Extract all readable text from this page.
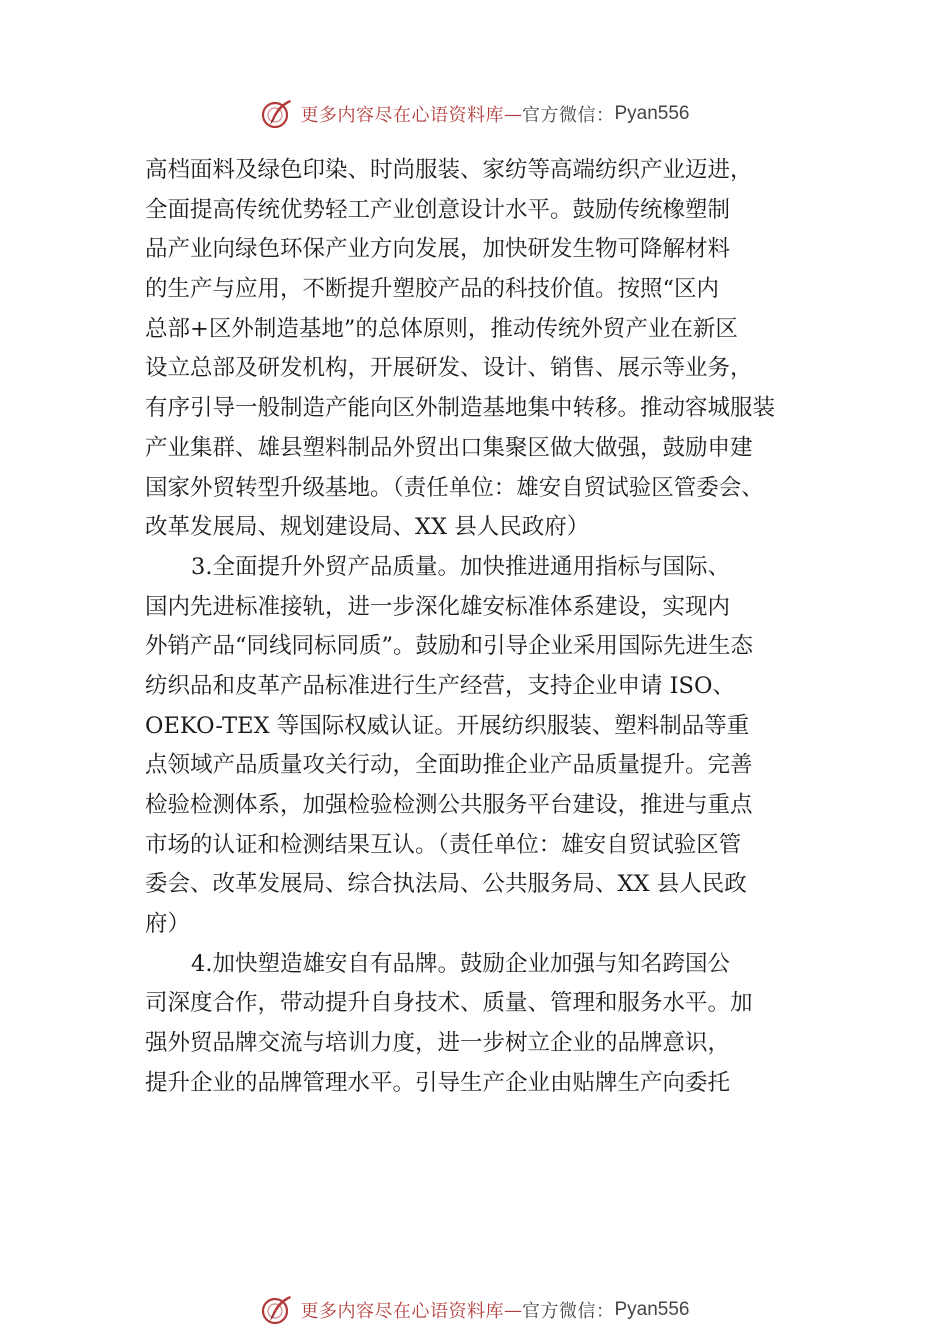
更多内容尽在心语资料库 — 官方微信： Pyan556
高档面料及绿色印染、时尚服装、家纺等高端纺织产业迈进，
全面提高传统优势轻工产业创意设计水平。鼓励传统橡塑制
品产业向绿色环保产业方向发展，加快研发生物可降解材料
的生产与应用，不断提升塑胶产品的科技价值。按照“区内
总部+区外制造基地”的总体原则，推动传统外贸产业在新区
设立总部及研发机构，开展研发、设计、销售、展示等业务，
有序引导一般制造产能向区外制造基地集中转移。推动容城服装
产业集群、雄县塑料制品外贸出口集聚区做大做强，鼓励申建
国家外贸转型升级基地。（责任单位：雄安自贸试验区管委会、
改革发展局、规划建设局、XX 县人民政府）
3.全面提升外贸产品质量。加快推进通用指标与国际、
国内先进标准接轨，进一步深化雄安标准体系建设，实现内
外销产品“同线同标同质”。鼓励和引导企业采用国际先进生态
纺织品和皮革产品标准进行生产经营，支持企业申请 ISO、
OEKO-TEX 等国际权威认证。开展纺织服装、塑料制品等重
点领域产品质量攻关行动，全面助推企业产品质量提升。完善
检验检测体系，加强检验检测公共服务平台建设，推进与重点
市场的认证和检测结果互认。（责任单位：雄安自贸试验区管
委会、改革发展局、综合执法局、公共服务局、XX 县人民政
府）
4.加快塑造雄安自有品牌。鼓励企业加强与知名跨国公
司深度合作，带动提升自身技术、质量、管理和服务水平。加
强外贸品牌交流与培训力度，进一步树立企业的品牌意识，
提升企业的品牌管理水平。引导生产企业由贴牌生产向委托
更多内容尽在心语资料库 — 官方微信： Pyan556
